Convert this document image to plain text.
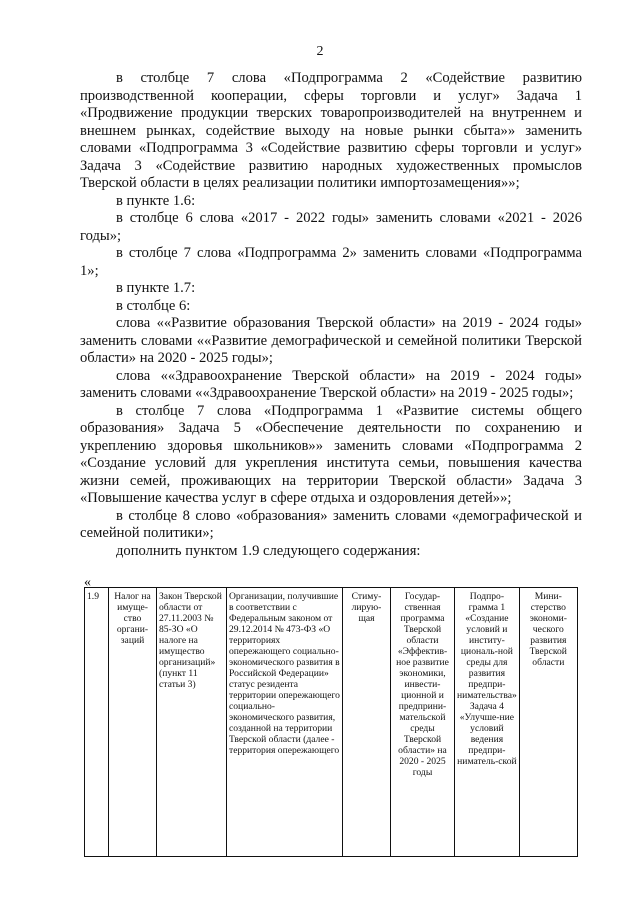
2

в столбце 7 слова «Подпрограмма 2 «Содействие развитию производственной кооперации, сферы торговли и услуг» Задача 1 «Продвижение продукции тверских товаропроизводителей на внутреннем и внешнем рынках, содействие выходу на новые рынки сбыта»» заменить словами «Подпрограмма 3 «Содействие развитию сферы торговли и услуг» Задача 3 «Содействие развитию народных художественных промыслов Тверской области в целях реализации политики импортозамещения»»;

в пункте 1.6:

в столбце 6 слова «2017 - 2022 годы» заменить словами «2021 - 2026 годы»;

в столбце 7 слова «Подпрограмма 2» заменить словами «Подпрограмма 1»;

в пункте 1.7:

в столбце 6:

слова ««Развитие образования Тверской области» на 2019 - 2024 годы» заменить словами ««Развитие демографической и семейной политики Тверской области» на 2020 - 2025 годы»;

слова ««Здравоохранение Тверской области» на 2019 - 2024 годы» заменить словами ««Здравоохранение Тверской области» на 2019 - 2025 годы»;

в столбце 7 слова «Подпрограмма 1 «Развитие системы общего образования» Задача 5 «Обеспечение деятельности по сохранению и укреплению здоровья школьников»» заменить словами «Подпрограмма 2 «Создание условий для укрепления института семьи, повышения качества жизни семей, проживающих на территории Тверской области» Задача 3 «Повышение качества услуг в сфере отдыха и оздоровления детей»»;

в столбце 8 слово «образования» заменить словами «демографической и семейной политики»;

дополнить пунктом 1.9 следующего содержания:

«
1.9	Налог на имуще-ство органи-заций	Закон Тверской области от 27.11.2003 № 85-ЗО «О налоге на имущество организаций» (пункт 11 статьи 3)	Организации, получившие в соответствии с Федеральным законом от 29.12.2014 № 473-ФЗ «О территориях опережающего социально-экономического развития в Российской Федерации» статус резидента территории опережающего социально-экономического развития, созданной на территории Тверской области (далее - территория опережающего	Стиму-лирую-щая	Государ-ственная программа Тверской области «Эффектив-ное развитие экономики, инвести-ционной и предприни-мательской среды Тверской области» на 2020 - 2025 годы	Подпро-грамма 1 «Создание условий и институ-циональ-ной среды для развития предпри-нимательства» Задача 4 «Улучше-ние условий ведения предпри-ниматель-ской	Мини-стерство экономи-ческого развития Тверской области
